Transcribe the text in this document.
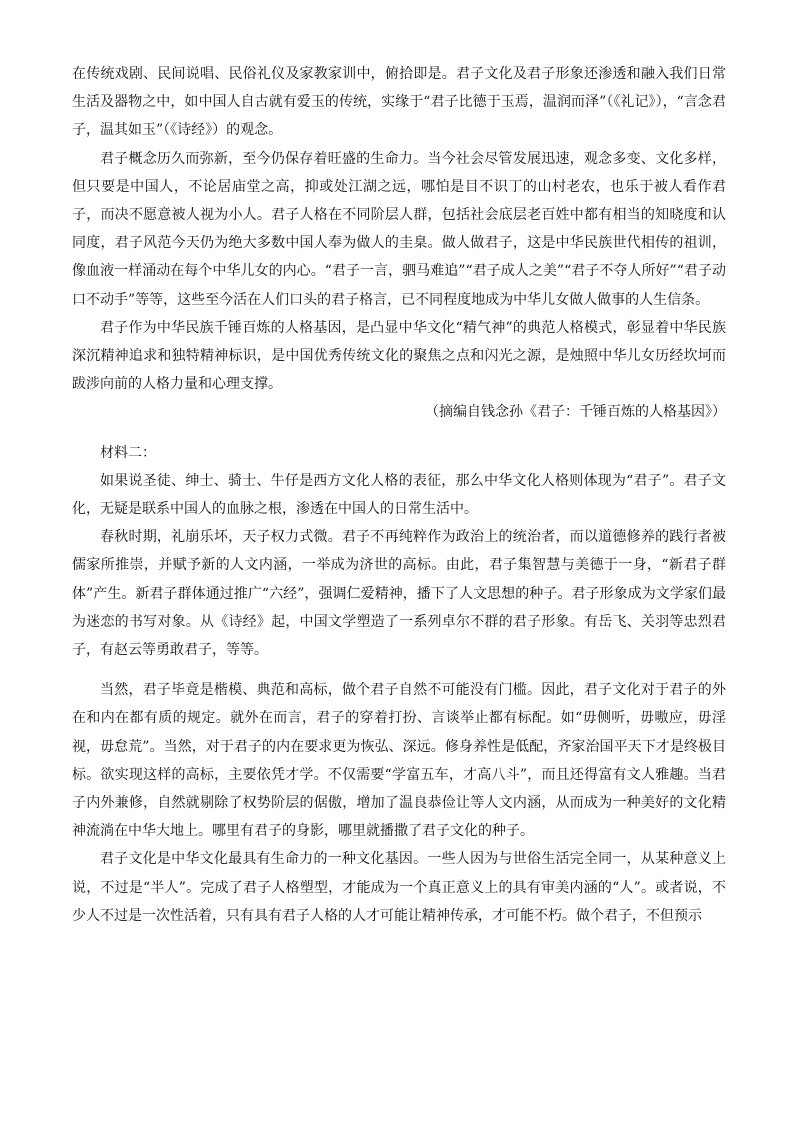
在传统戏剧、民间说唱、民俗礼仪及家教家训中，俯拾即是。君子文化及君子形象还渗透和融入我们日常生活及器物之中，如中国人自古就有爱玉的传统，实缘于“君子比德于玉焉，温润而泽”（《礼记》），“言念君子，温其如玉”（《诗经》）的观念。

君子概念历久而弥新，至今仍保存着旺盛的生命力。当今社会尽管发展迅速，观念多变、文化多样，但只要是中国人，不论居庙堂之高，抑或处江湖之远，哪怕是目不识丁的山村老农，也乐于被人看作君子，而决不愿意被人视为小人。君子人格在不同阶层人群，包括社会底层老百姓中都有相当的知晓度和认同度，君子风范今天仍为绝大多数中国人奉为做人的圭臬。做人做君子，这是中华民族世代相传的祖训，像血液一样涌动在每个中华儿女的内心。“君子一言，驷马难追”“君子成人之美”“君子不夺人所好”“君子动口不动手”等等，这些至今活在人们口头的君子格言，已不同程度地成为中华儿女做人做事的人生信条。

君子作为中华民族千锤百炼的人格基因，是凸显中华文化“精气神”的典范人格模式，彰显着中华民族深沉精神追求和独特精神标识，是中国优秀传统文化的聚焦之点和闪光之源，是烛照中华儿女历经坎坷而跋涉向前的人格力量和心理支撑。

（摘编自钱念孙《君子：千锤百炼的人格基因》）

材料二：

如果说圣徒、绅士、骑士、牛仔是西方文化人格的表征，那么中华文化人格则体现为“君子”。君子文化，无疑是联系中国人的血脉之根，渗透在中国人的日常生活中。

春秋时期，礼崩乐坏，天子权力式微。君子不再纯粹作为政治上的统治者，而以道德修养的践行者被儒家所推崇，并赋予新的人文内涵，一举成为济世的高标。由此，君子集智慧与美德于一身，“新君子群体”产生。新君子群体通过推广“六经”，强调仁爱精神，播下了人文思想的种子。君子形象成为文学家们最为迷恋的书写对象。从《诗经》起，中国文学塑造了一系列卓尔不群的君子形象。有岳飞、关羽等忠烈君子，有赵云等勇敢君子，等等。

当然，君子毕竟是楷模、典范和高标，做个君子自然不可能没有门槛。因此，君子文化对于君子的外在和内在都有质的规定。就外在而言，君子的穿着打扮、言谈举止都有标配。如“毋侧听，毋嗷应，毋淫视，毋怠荒”。当然，对于君子的内在要求更为恢弘、深远。修身养性是低配，齐家治国平天下才是终极目标。欲实现这样的高标，主要依凭才学。不仅需要“学富五车，才高八斗”，而且还得富有文人雅趣。当君子内外兼修，自然就剔除了权势阶层的倨傲，增加了温良恭俭让等人文内涵，从而成为一种美好的文化精神流淌在中华大地上。哪里有君子的身影，哪里就播撒了君子文化的种子。

君子文化是中华文化最具有生命力的一种文化基因。一些人因为与世俗生活完全同一，从某种意义上说，不过是“半人”。完成了君子人格塑型，才能成为一个真正意义上的具有审美内涵的“人”。或者说，不少人不过是一次性活着，只有具有君子人格的人才可能让精神传承，才可能不朽。做个君子，不但预示
